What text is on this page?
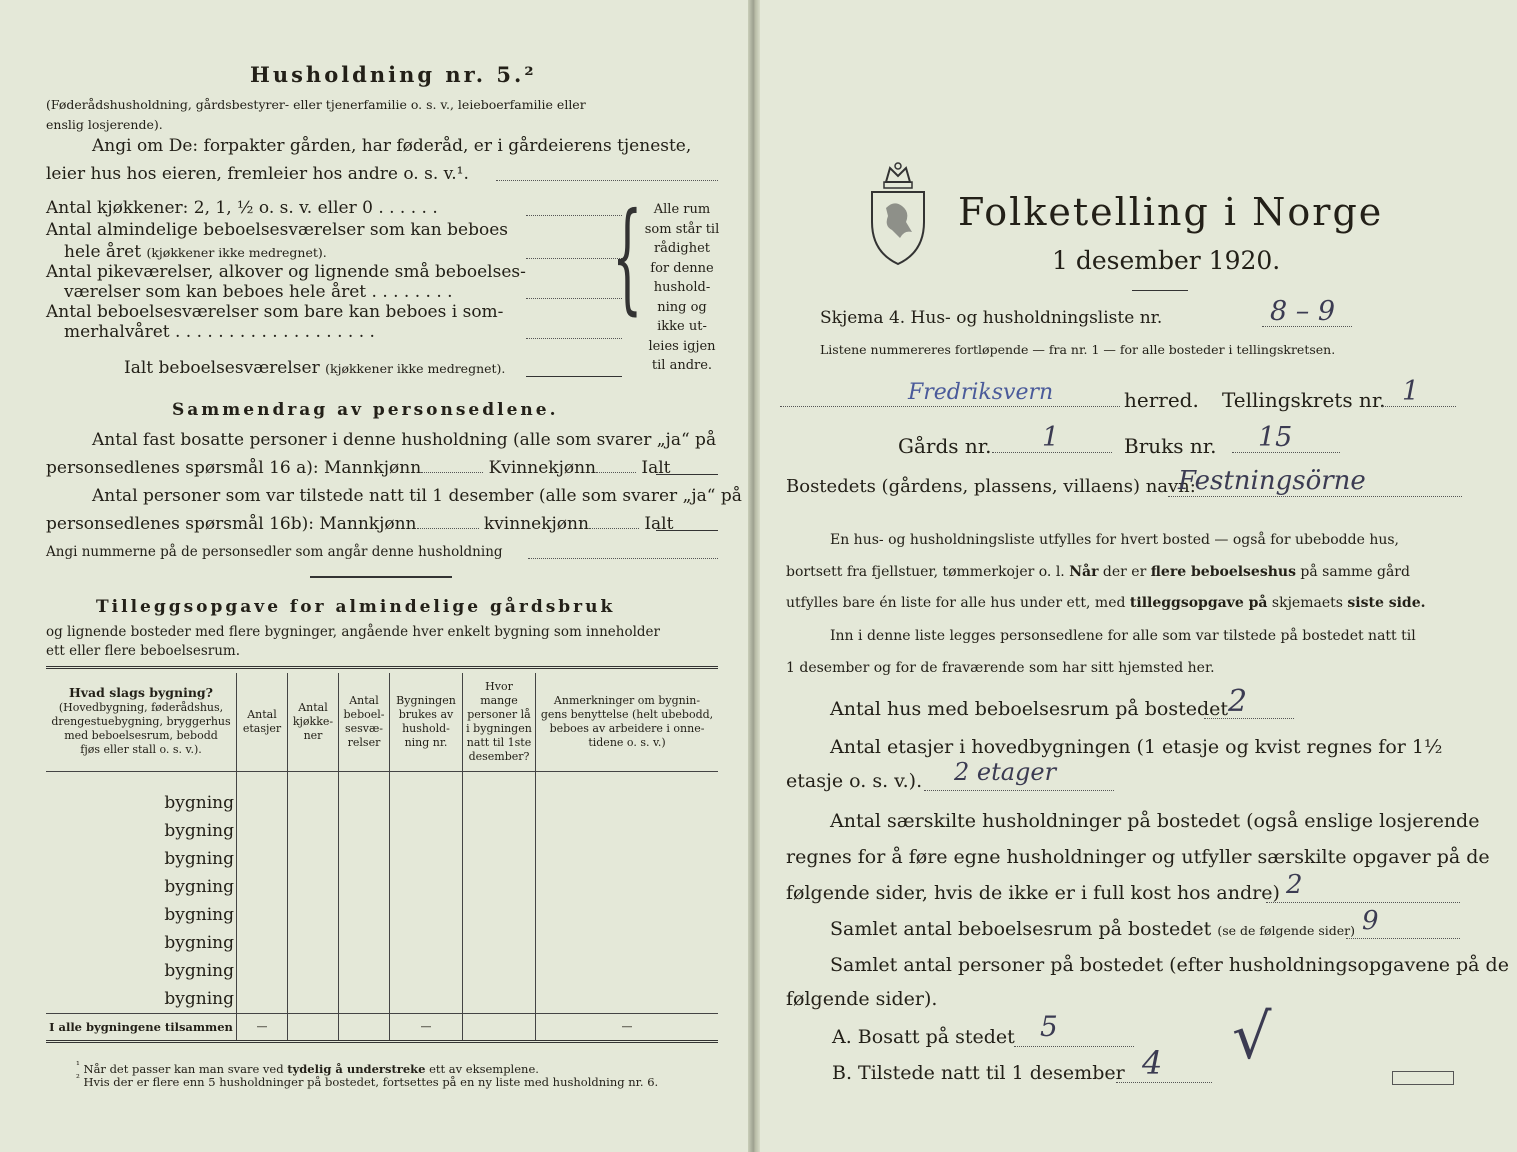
Husholdning nr. 5.²
(Føderådshusholdning, gårdsbestyrer- eller tjenerfamilie o. s. v., leieboerfamilie eller
enslig losjerende).
Angi om De: forpakter gården, har føderåd, er i gårdeierens tjeneste,
leier hus hos eieren, fremleier hos andre o. s. v.¹.
Antal kjøkkener: 2, 1, ½ o. s. v. eller 0 . . . . . .
Antal almindelige beboelsesværelser som kan beboes
hele året (kjøkkener ikke medregnet).
Antal pikeværelser, alkover og lignende små beboelses-
værelser som kan beboes hele året . . . . . . . .
Antal beboelsesværelser som bare kan beboes i som-
merhalvåret . . . . . . . . . . . . . . . . . . .
Ialt beboelsesværelser (kjøkkener ikke medregnet).
{ Alle rum
som står til
rådighet
for denne
hushold-
ning og
ikke ut-
leies igjen
til andre.
Sammendrag av personsedlene.
Antal fast bosatte personer i denne husholdning (alle som svarer „ja“ på
personsedlenes spørsmål 16 a): Mannkjønn	Kvinnekjønn	Ialt
Antal personer som var tilstede natt til 1 desember (alle som svarer „ja“ på
personsedlenes spørsmål 16b): Mannkjønn	kvinnekjønn	Ialt
Angi nummerne på de personsedler som angår denne husholdning
Tilleggsopgave for almindelige gårdsbruk
og lignende bosteder med flere bygninger, angående hver enkelt bygning som inneholder
ett eller flere beboelsesrum.
Hvad slags bygning?
(Hovedbygning, føderådshus,
drengestuebygning, bryggerhus
med beboelsesrum, bebodd
fjøs eller stall o. s. v.).	Antal
etasjer	Antal
kjøkke-
ner	Antal
beboel-
sesvæ-
relser	Bygningen
brukes av
hushold-
ning nr.	Hvor mange
personer lå
i bygningen
natt til 1ste
desember?	Anmerkninger om bygnin-
gens benyttelse (helt ubebodd,
beboes av arbeidere i onne-
tidene o. s. v.)

bygning						
bygning						
bygning						
bygning						
bygning						
bygning						
bygning						
bygning						
I alle bygningene tilsammen	—			—		—
$^{^1}$ Når det passer kan man svare ved tydelig å understreke ett av eksemplene.
$^{^2}$ Hvis der er flere enn 5 husholdninger på bostedet, fortsettes på en ny liste med husholdning nr. 6.
Folketelling i Norge
1 desember 1920.
Skjema 4. Hus- og husholdningsliste nr.	8 – 9
Listene nummereres fortløpende — fra nr. 1 — for alle bosteder i tellingskretsen.
Fredriksvern	herred. Tellingskrets nr. 1
Gårds nr. 1	Bruks nr. 15
Bostedets (gårdens, plassens, villaens) navn:
Festningsörne
En hus- og husholdningsliste utfylles for hvert bosted — også for ubebodde hus,
bortsett fra fjellstuer, tømmerkojer o. l. Når der er flere beboelseshus på samme gård
utfylles bare én liste for alle hus under ett, med tilleggsopgave på skjemaets siste side.
Inn i denne liste legges personsedlene for alle som var tilstede på bostedet natt til
1 desember og for de fraværende som har sitt hjemsted her.
Antal hus med beboelsesrum på bostedet 2
Antal etasjer i hovedbygningen (1 etasje og kvist regnes for 1½
etasje o. s. v.). 2 etager
Antal særskilte husholdninger på bostedet (også enslige losjerende
regnes for å føre egne husholdninger og utfyller særskilte opgaver på de
følgende sider, hvis de ikke er i full kost hos andre) 2
Samlet antal beboelsesrum på bostedet (se de følgende sider) 9
Samlet antal personer på bostedet (efter husholdningsopgavene på de
følgende sider).
A. Bosatt på stedet 5
B. Tilstede natt til 1 desember 4 √
